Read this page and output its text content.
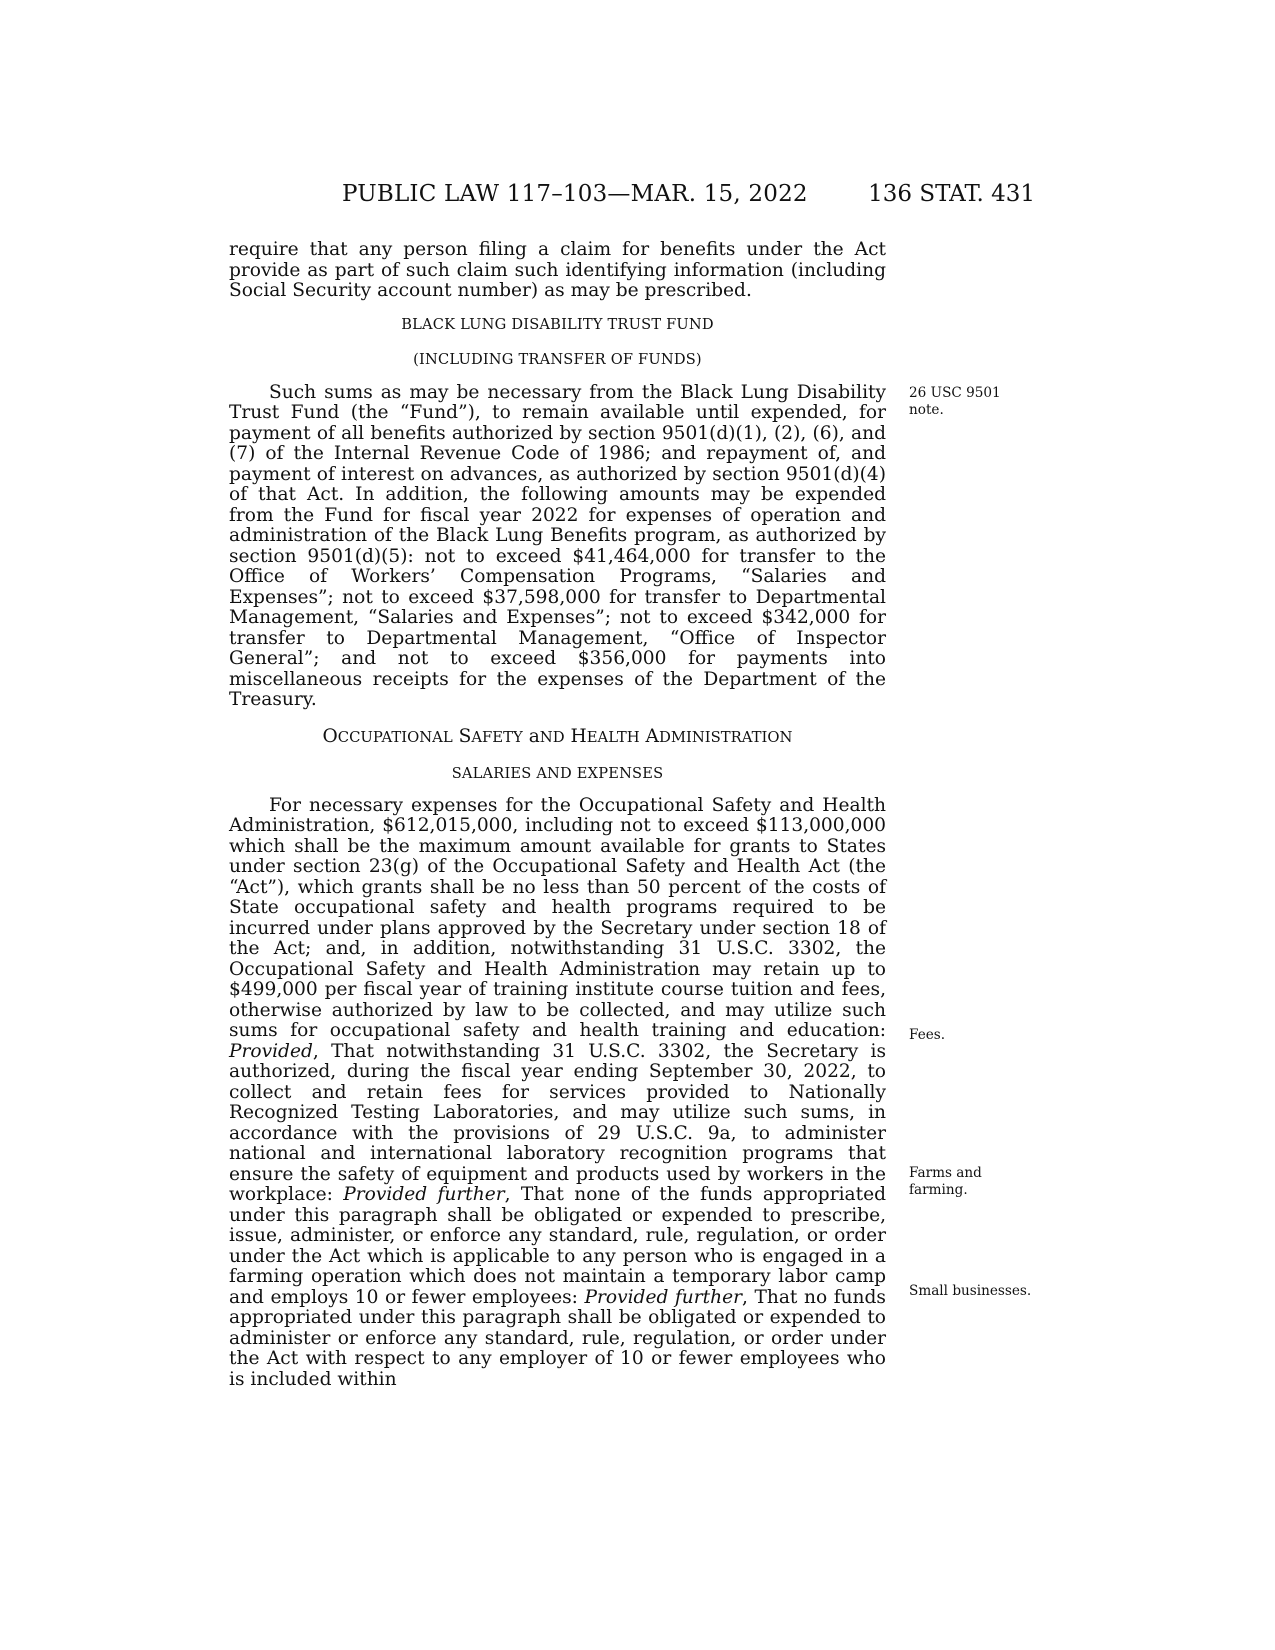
PUBLIC LAW 117–103—MAR. 15, 2022	136 STAT. 431

require that any person filing a claim for benefits under the Act provide as part of such claim such identifying information (including Social Security account number) as may be prescribed.

BLACK LUNG DISABILITY TRUST FUND
(INCLUDING TRANSFER OF FUNDS)

Such sums as may be necessary from the Black Lung Disability Trust Fund (the “Fund”), to remain available until expended, for payment of all benefits authorized by section 9501(d)(1), (2), (6), and (7) of the Internal Revenue Code of 1986; and repayment of, and payment of interest on advances, as authorized by section 9501(d)(4) of that Act. In addition, the following amounts may be expended from the Fund for fiscal year 2022 for expenses of operation and administration of the Black Lung Benefits program, as authorized by section 9501(d)(5): not to exceed $41,464,000 for transfer to the Office of Workers’ Compensation Programs, “Salaries and Expenses”; not to exceed $37,598,000 for transfer to Departmental Management, “Salaries and Expenses”; not to exceed $342,000 for transfer to Departmental Management, “Office of Inspector General”; and not to exceed $356,000 for payments into miscellaneous receipts for the expenses of the Department of the Treasury.

OCCUPATIONAL SAFETY aND HEALTH ADMINISTRATION
SALARIES AND EXPENSES

For necessary expenses for the Occupational Safety and Health Administration, $612,015,000, including not to exceed $113,000,000 which shall be the maximum amount available for grants to States under section 23(g) of the Occupational Safety and Health Act (the “Act”), which grants shall be no less than 50 percent of the costs of State occupational safety and health programs required to be incurred under plans approved by the Secretary under section 18 of the Act; and, in addition, notwithstanding 31 U.S.C. 3302, the Occupational Safety and Health Administration may retain up to $499,000 per fiscal year of training institute course tuition and fees, otherwise authorized by law to be collected, and may utilize such sums for occupational safety and health training and education: Provided, That notwithstanding 31 U.S.C. 3302, the Secretary is authorized, during the fiscal year ending September 30, 2022, to collect and retain fees for services provided to Nationally Recognized Testing Laboratories, and may utilize such sums, in accordance with the provisions of 29 U.S.C. 9a, to administer national and international laboratory recognition programs that ensure the safety of equipment and products used by workers in the workplace: Provided further, That none of the funds appropriated under this paragraph shall be obligated or expended to prescribe, issue, administer, or enforce any standard, rule, regulation, or order under the Act which is applicable to any person who is engaged in a farming operation which does not maintain a temporary labor camp and employs 10 or fewer employees: Provided further, That no funds appropriated under this paragraph shall be obligated or expended to administer or enforce any standard, rule, regulation, or order under the Act with respect to any employer of 10 or fewer employees who is included within

26 USC 9501
note.
Fees.
Farms and
farming.
Small businesses.
